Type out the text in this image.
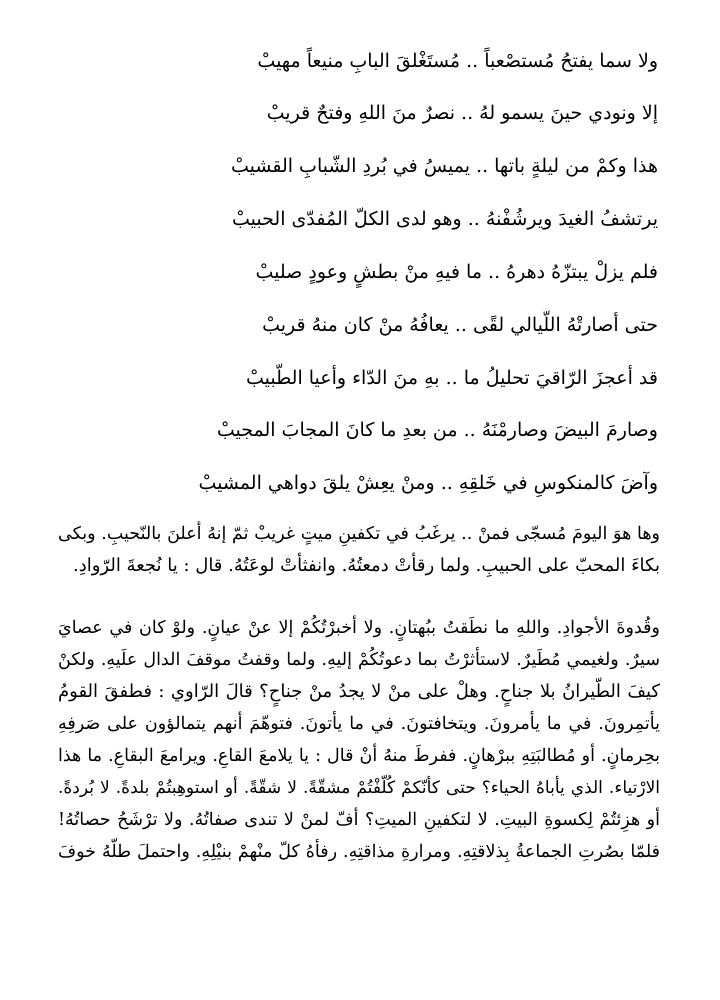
ولا سما يفتحُ مُستصْعباً .. مُستَغْلقَ البابِ منيعاً مهيبْ
إلا ونودي حينَ يسمو لهُ .. نصرٌ منَ اللهِ وفتحٌ قريبْ
هذا وكمْ من ليلةٍ باتها .. يميسُ في بُردِ الشّبابِ القشيبْ
يرتشفُ الغيدَ ويرشُفْنهُ .. وهو لدى الكلّ المُفدّى الحبيبْ
فلم يزلْ يبتزّهُ دهرهُ .. ما فيهِ منْ بطشٍ وعودٍ صليبْ
حتى أصارتْهُ اللّيالي لقًى .. يعافُهُ منْ كان منهُ قريبْ
قد أعجزَ الرّاقيَ تحليلُ ما .. بهِ منَ الدّاء وأعيا الطّبيبْ
وصارمَ البيضَ وصارمْنَهُ .. من بعدِ ما كانَ المجابَ المجيبْ
وآضَ كالمنكوسِ في خَلقِهِ .. ومنْ يعِشْ يلقَ دواهي المشيبْ
وها هوَ اليومَ مُسجّى فمنْ .. يرغَبُ في تكفينِ ميتٍ غريبْ ثمّ إنهُ أعلنَ بالنّحيبِ. وبكى
بكاءَ المحبّ على الحبيبِ. ولما رقأتْ دمعتُهُ. وانفثأتْ لوعَتُهُ. قال : يا نُجعةَ الرّوادِ.
وقُدوةَ الأجوادِ. واللهِ ما نطَقتُ ببُهتانٍ. ولا أخبرْتُكُمْ إلا عنْ عيانٍ. ولوْ كان في عصايَ
سيرٌ. ولغيمي مُطَيرٌ. لاستأثرْتُ بما دعوتُكُمْ إليهِ. ولما وقفتُ موقفَ الدال علَيهِ. ولكنْ
كيفَ الطّيرانُ بلا جناحٍ. وهلْ على منْ لا يجدُ منْ جناحٍ؟ قالَ الرّاوي : فطفقَ القومُ
يأتمِرونَ. في ما يأمرونَ. ويتخافتونَ. في ما يأتونَ. فتوهّمَ أنهم يتمالؤون على صَرفِهِ
بحِرمانٍ. أو مُطالبَتِهِ ببرْهانٍ. ففرطَ منهُ أنْ قال : يا يلامعَ القاعِ. ويرامعَ البقاعِ. ما هذا
الارْتياء. الذي يأباهُ الحياء؟ حتى كأنّكمْ كُلّفْتُمْ مشقّةً. لا شقّةً. أو استوهِبتُمْ بلدةً. لا بُردةً.
أو هزِئتُمْ لِكسوةِ البيتِ. لا لتكفينِ الميتِ؟ أفّ لمنْ لا تندى صفاتُهُ. ولا ترْشَحُ حصاتُهُ!
فلمّا بصُرتِ الجماعةُ بِذلاقتِهِ. ومرارةِ مذاقتِهِ. رفأهُ كلّ منْهمْ بنيْلِهِ. واحتملَ طلّهُ خوفَ
